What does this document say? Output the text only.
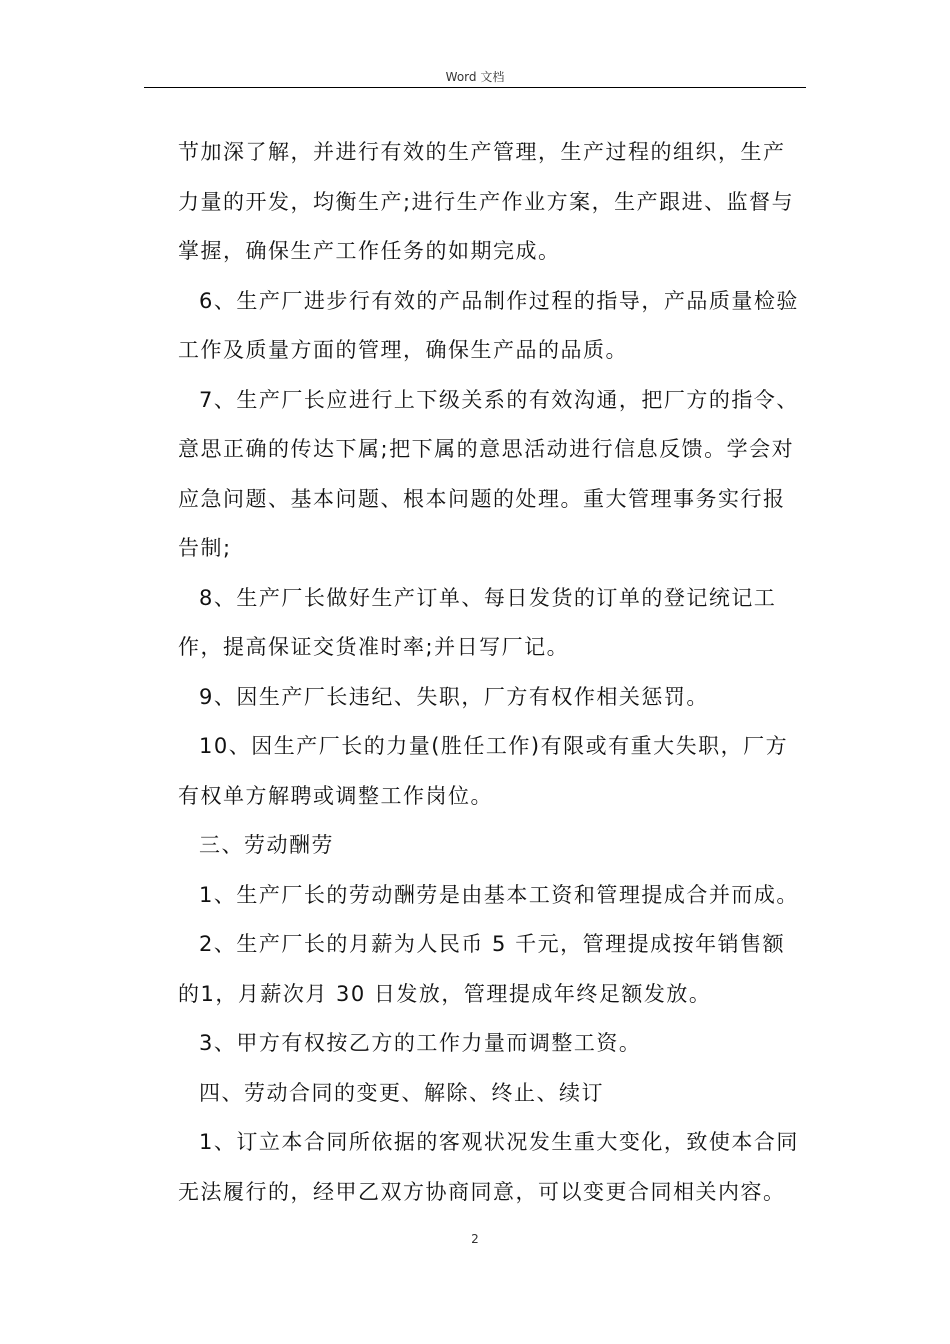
Word 文档

节加深了解，并进行有效的生产管理，生产过程的组织，生产力量的开发，均衡生产;进行生产作业方案，生产跟进、监督与掌握，确保生产工作任务的如期完成。

6、生产厂进步行有效的产品制作过程的指导，产品质量检验工作及质量方面的管理，确保生产品的品质。

7、生产厂长应进行上下级关系的有效沟通，把厂方的指令、意思正确的传达下属;把下属的意思活动进行信息反馈。学会对应急问题、基本问题、根本问题的处理。重大管理事务实行报告制;

8、生产厂长做好生产订单、每日发货的订单的登记统记工作，提高保证交货准时率;并日写厂记。

9、因生产厂长违纪、失职，厂方有权作相关惩罚。

10、因生产厂长的力量(胜任工作)有限或有重大失职，厂方有权单方解聘或调整工作岗位。

三、劳动酬劳

1、生产厂长的劳动酬劳是由基本工资和管理提成合并而成。

2、生产厂长的月薪为人民币 5 千元，管理提成按年销售额的1，月薪次月 30 日发放，管理提成年终足额发放。

3、甲方有权按乙方的工作力量而调整工资。

四、劳动合同的变更、解除、终止、续订

1、订立本合同所依据的客观状况发生重大变化，致使本合同无法履行的，经甲乙双方协商同意，可以变更合同相关内容。

2
